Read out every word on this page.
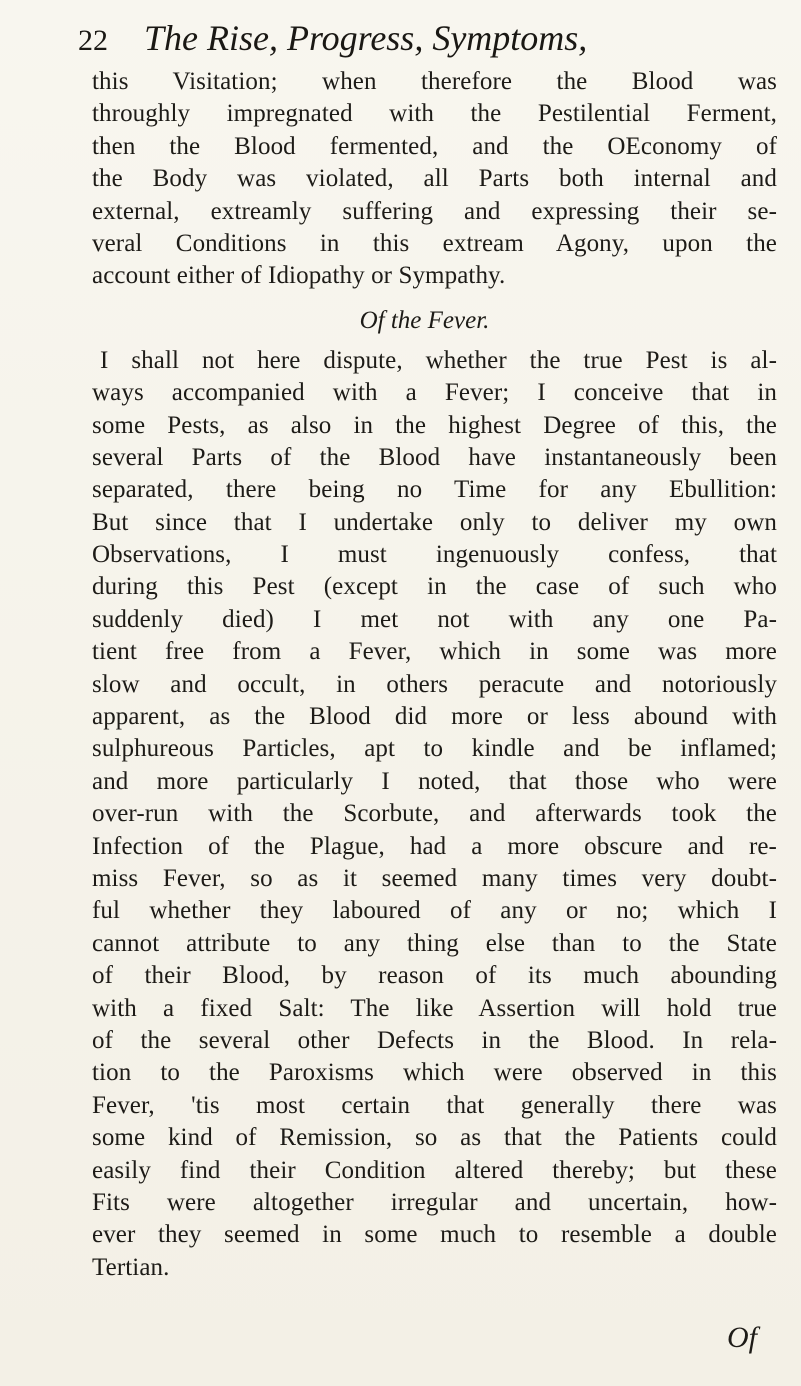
22 The Rise, Progress, Symptoms,
this Visitation; when therefore the Blood was
throughly impregnated with the Pestilential Ferment,
then the Blood fermented, and the OEconomy of
the Body was violated, all Parts both internal and
external, extreamly suffering and expressing their se-
veral Conditions in this extream Agony, upon the
account either of Idiopathy or Sympathy.
Of the Fever.
I shall not here dispute, whether the true Pest is al-
ways accompanied with a Fever; I conceive that in
some Pests, as also in the highest Degree of this, the
several Parts of the Blood have instantaneously been
separated, there being no Time for any Ebullition:
But since that I undertake only to deliver my own
Observations, I must ingenuously confess, that
during this Pest (except in the case of such who
suddenly died) I met not with any one Pa-
tient free from a Fever, which in some was more
slow and occult, in others peracute and notoriously
apparent, as the Blood did more or less abound with
sulphureous Particles, apt to kindle and be inflamed;
and more particularly I noted, that those who were
over-run with the Scorbute, and afterwards took the
Infection of the Plague, had a more obscure and re-
miss Fever, so as it seemed many times very doubt-
ful whether they laboured of any or no; which I
cannot attribute to any thing else than to the State
of their Blood, by reason of its much abounding
with a fixed Salt: The like Assertion will hold true
of the several other Defects in the Blood. In rela-
tion to the Paroxisms which were observed in this
Fever, 'tis most certain that generally there was
some kind of Remission, so as that the Patients could
easily find their Condition altered thereby; but these
Fits were altogether irregular and uncertain, how-
ever they seemed in some much to resemble a double
Tertian.
Of
